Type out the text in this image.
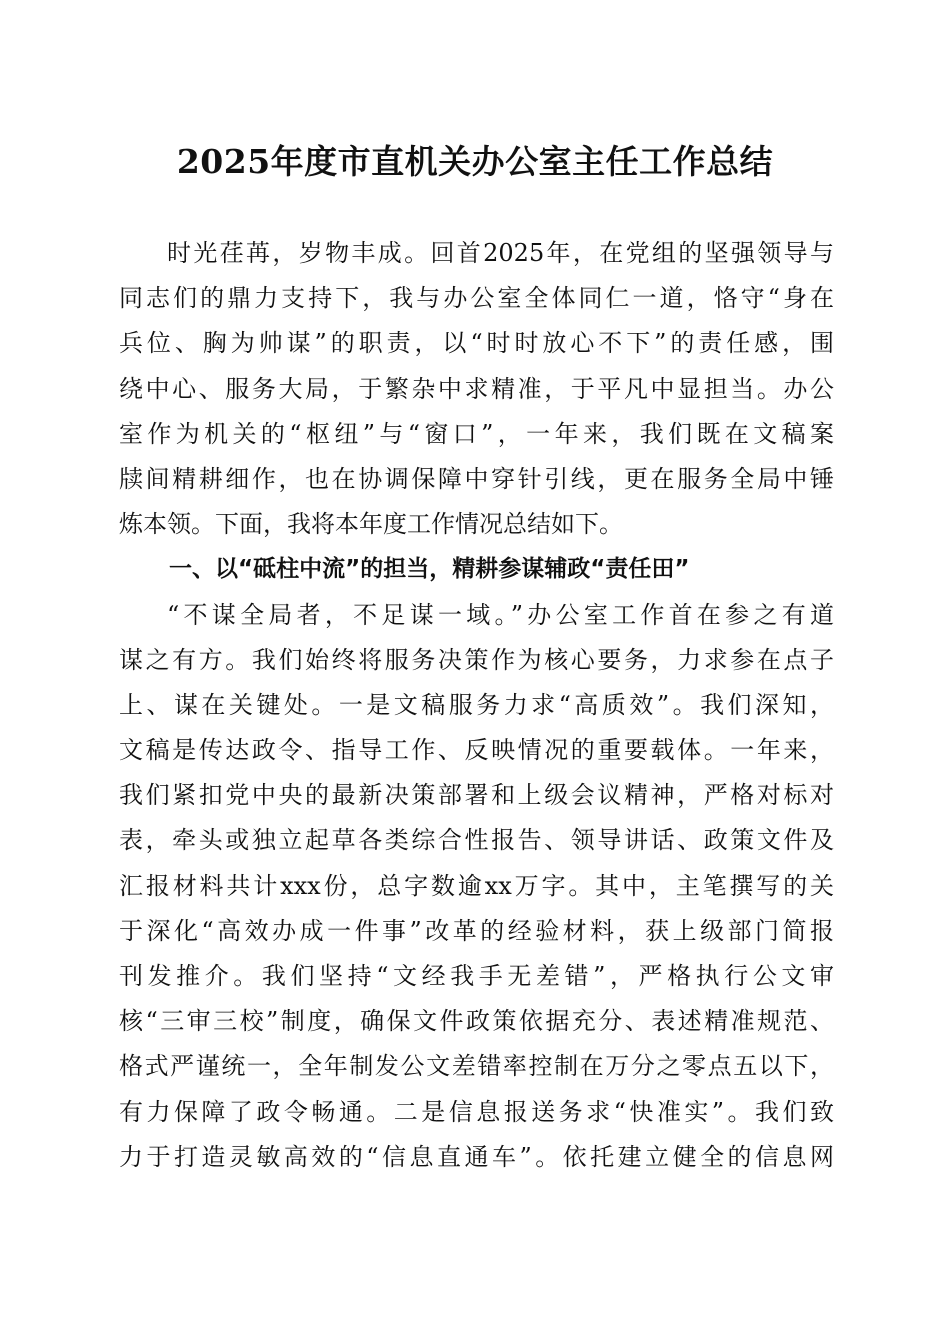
2025年度市直机关办公室主任工作总结
时光荏苒，岁物丰成。回首2025年，在党组的坚强领导与
同志们的鼎力支持下，我与办公室全体同仁一道，恪守“身在
兵位、胸为帅谋”的职责，以“时时放心不下”的责任感，围
绕中心、服务大局，于繁杂中求精准，于平凡中显担当。办公
室作为机关的“枢纽”与“窗口”，一年来，我们既在文稿案
牍间精耕细作，也在协调保障中穿针引线，更在服务全局中锤
炼本领。下面，我将本年度工作情况总结如下。
一、以“砥柱中流”的担当，精耕参谋辅政“责任田”
“不谋全局者，不足谋一域。”办公室工作首在参之有道
谋之有方。我们始终将服务决策作为核心要务，力求参在点子
上、谋在关键处。一是文稿服务力求“高质效”。我们深知，
文稿是传达政令、指导工作、反映情况的重要载体。一年来，
我们紧扣党中央的最新决策部署和上级会议精神，严格对标对
表，牵头或独立起草各类综合性报告、领导讲话、政策文件及
汇报材料共计xxx份，总字数逾xx万字。其中，主笔撰写的关
于深化“高效办成一件事”改革的经验材料，获上级部门简报
刊发推介。我们坚持“文经我手无差错”，严格执行公文审
核“三审三校”制度，确保文件政策依据充分、表述精准规范、
格式严谨统一，全年制发公文差错率控制在万分之零点五以下，
有力保障了政令畅通。二是信息报送务求“快准实”。我们致
力于打造灵敏高效的“信息直通车”。依托建立健全的信息网
